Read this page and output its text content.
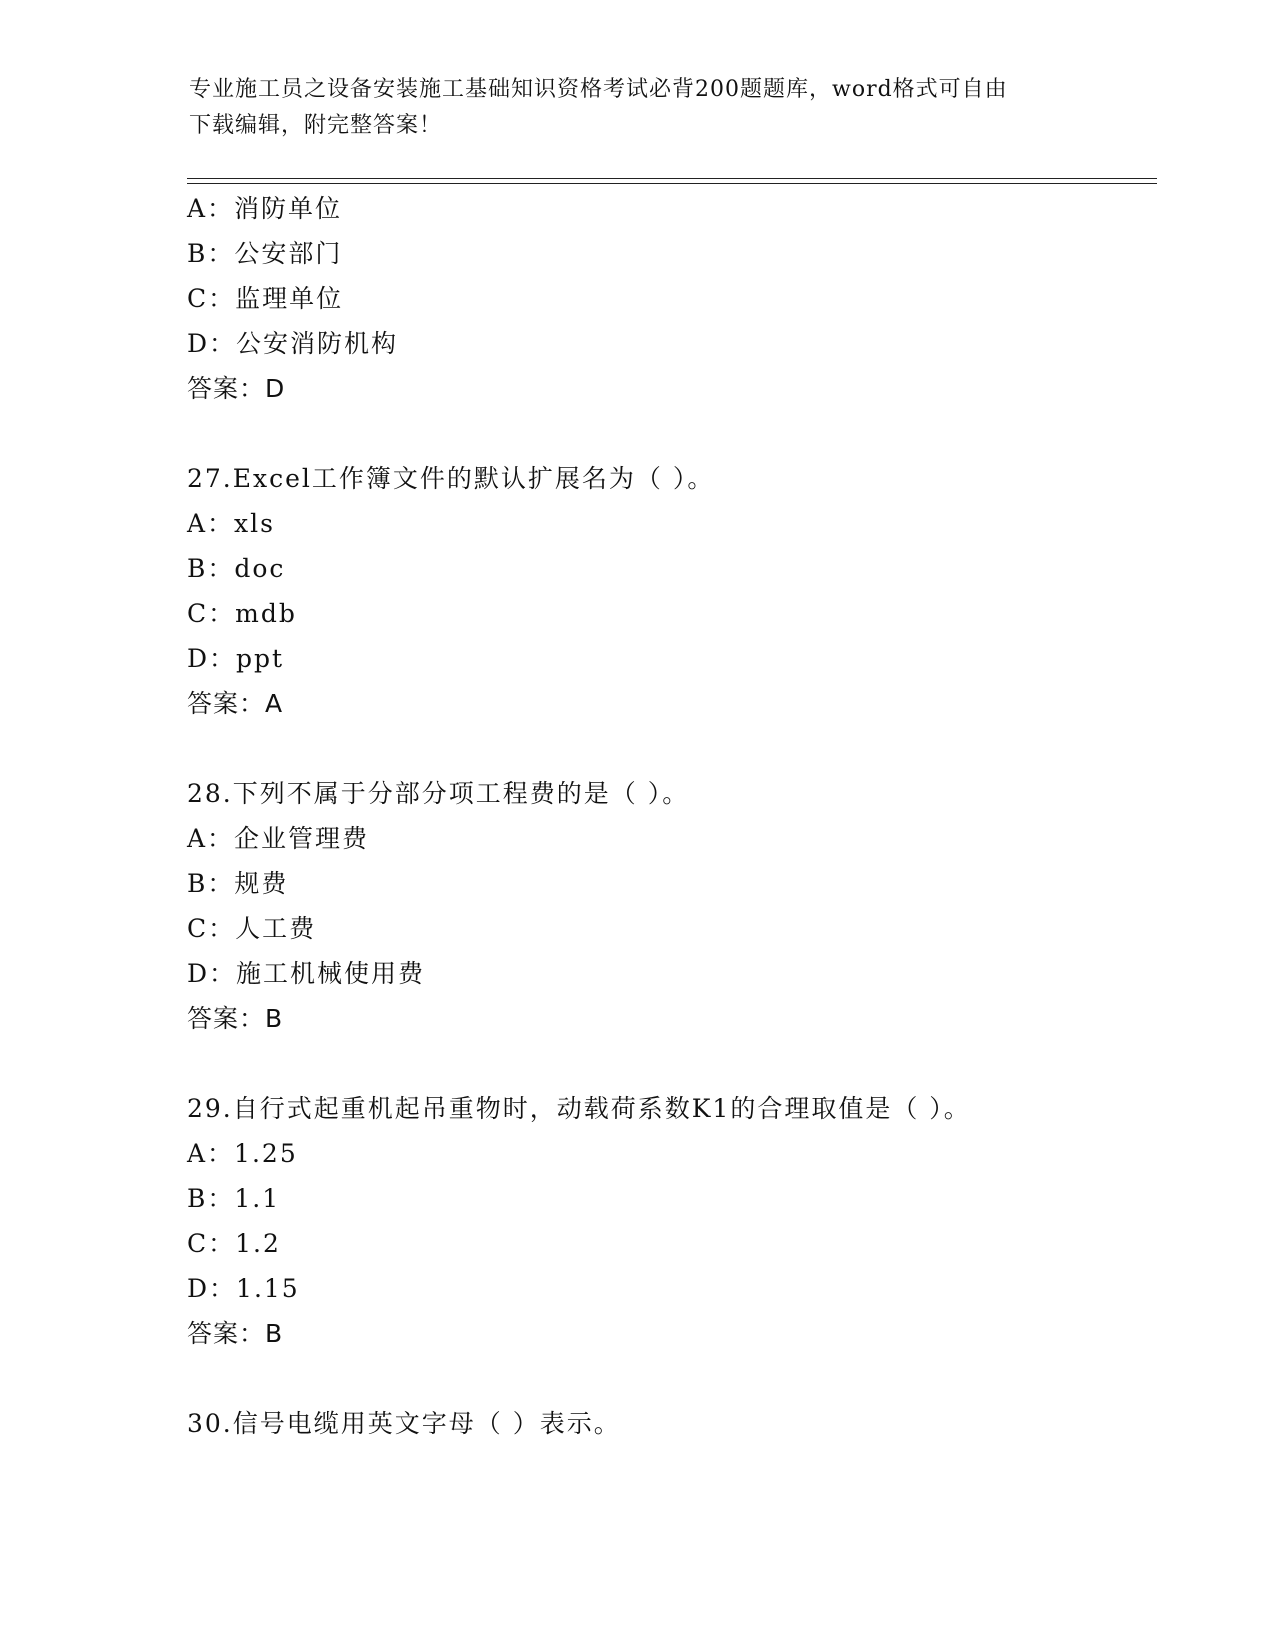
专业施工员之设备安装施工基础知识资格考试必背200题题库，word格式可自由
下载编辑，附完整答案！
A：消防单位
B：公安部门
C：监理单位
D：公安消防机构
答案：D
27.Excel工作簿文件的默认扩展名为（ ）。
A：xls
B：doc
C：mdb
D：ppt
答案：A
28.下列不属于分部分项工程费的是（ ）。
A：企业管理费
B：规费
C：人工费
D：施工机械使用费
答案：B
29.自行式起重机起吊重物时，动载荷系数K1的合理取值是（ ）。
A：1.25
B：1.1
C：1.2
D：1.15
答案：B
30.信号电缆用英文字母（ ）表示。
